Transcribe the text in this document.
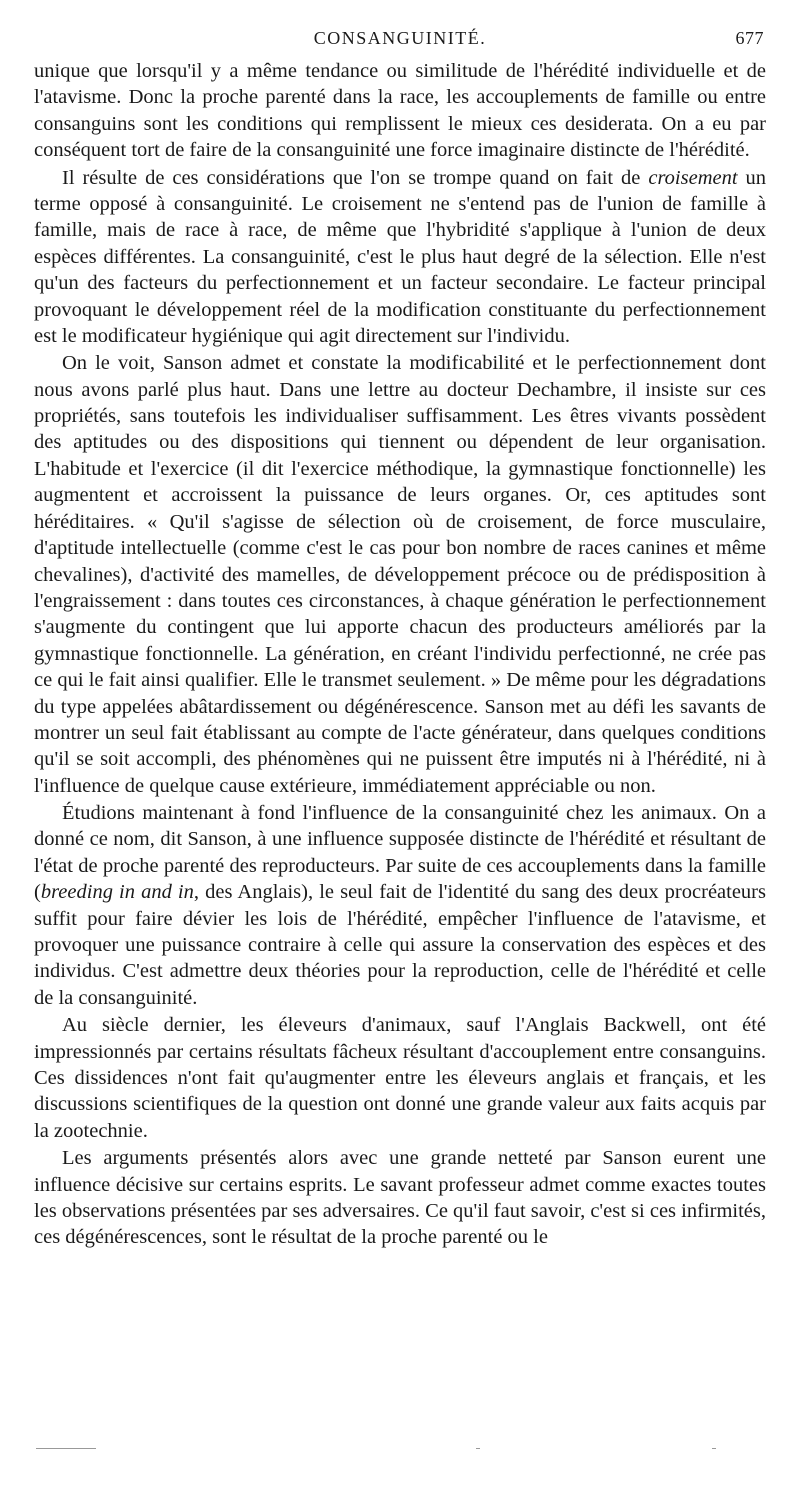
CONSANGUINITÉ.	677

unique que lorsqu'il y a même tendance ou similitude de l'hérédité individuelle et de l'atavisme. Donc la proche parenté dans la race, les accouplements de famille ou entre consanguins sont les conditions qui remplissent le mieux ces desiderata. On a eu par conséquent tort de faire de la consanguinité une force imaginaire distincte de l'hérédité.

Il résulte de ces considérations que l'on se trompe quand on fait de croisement un terme opposé à consanguinité. Le croisement ne s'entend pas de l'union de famille à famille, mais de race à race, de même que l'hybridité s'applique à l'union de deux espèces différentes. La consanguinité, c'est le plus haut degré de la sélection. Elle n'est qu'un des facteurs du perfectionnement et un facteur secondaire. Le facteur principal provoquant le développement réel de la modification constituante du perfectionnement est le modificateur hygiénique qui agit directement sur l'individu.

On le voit, Sanson admet et constate la modificabilité et le perfectionnement dont nous avons parlé plus haut. Dans une lettre au docteur Dechambre, il insiste sur ces propriétés, sans toutefois les individualiser suffisamment. Les êtres vivants possèdent des aptitudes ou des dispositions qui tiennent ou dépendent de leur organisation. L'habitude et l'exercice (il dit l'exercice méthodique, la gymnastique fonctionnelle) les augmentent et accroissent la puissance de leurs organes. Or, ces aptitudes sont héréditaires. « Qu'il s'agisse de sélection où de croisement, de force musculaire, d'aptitude intellectuelle (comme c'est le cas pour bon nombre de races canines et même chevalines), d'activité des mamelles, de développement précoce ou de prédisposition à l'engraissement : dans toutes ces circonstances, à chaque génération le perfectionnement s'augmente du contingent que lui apporte chacun des producteurs améliorés par la gymnastique fonctionnelle. La génération, en créant l'individu perfectionné, ne crée pas ce qui le fait ainsi qualifier. Elle le transmet seulement. » De même pour les dégradations du type appelées abâtardissement ou dégénérescence. Sanson met au défi les savants de montrer un seul fait établissant au compte de l'acte générateur, dans quelques conditions qu'il se soit accompli, des phénomènes qui ne puissent être imputés ni à l'hérédité, ni à l'influence de quelque cause extérieure, immédiatement appréciable ou non.

Étudions maintenant à fond l'influence de la consanguinité chez les animaux. On a donné ce nom, dit Sanson, à une influence supposée distincte de l'hérédité et résultant de l'état de proche parenté des reproducteurs. Par suite de ces accouplements dans la famille (breeding in and in, des Anglais), le seul fait de l'identité du sang des deux procréateurs suffit pour faire dévier les lois de l'hérédité, empêcher l'influence de l'atavisme, et provoquer une puissance contraire à celle qui assure la conservation des espèces et des individus. C'est admettre deux théories pour la reproduction, celle de l'hérédité et celle de la consanguinité.

Au siècle dernier, les éleveurs d'animaux, sauf l'Anglais Backwell, ont été impressionnés par certains résultats fâcheux résultant d'accouplement entre consanguins. Ces dissidences n'ont fait qu'augmenter entre les éleveurs anglais et français, et les discussions scientifiques de la question ont donné une grande valeur aux faits acquis par la zootechnie.

Les arguments présentés alors avec une grande netteté par Sanson eurent une influence décisive sur certains esprits. Le savant professeur admet comme exactes toutes les observations présentées par ses adversaires. Ce qu'il faut savoir, c'est si ces infirmités, ces dégénérescences, sont le résultat de la proche parenté ou le
